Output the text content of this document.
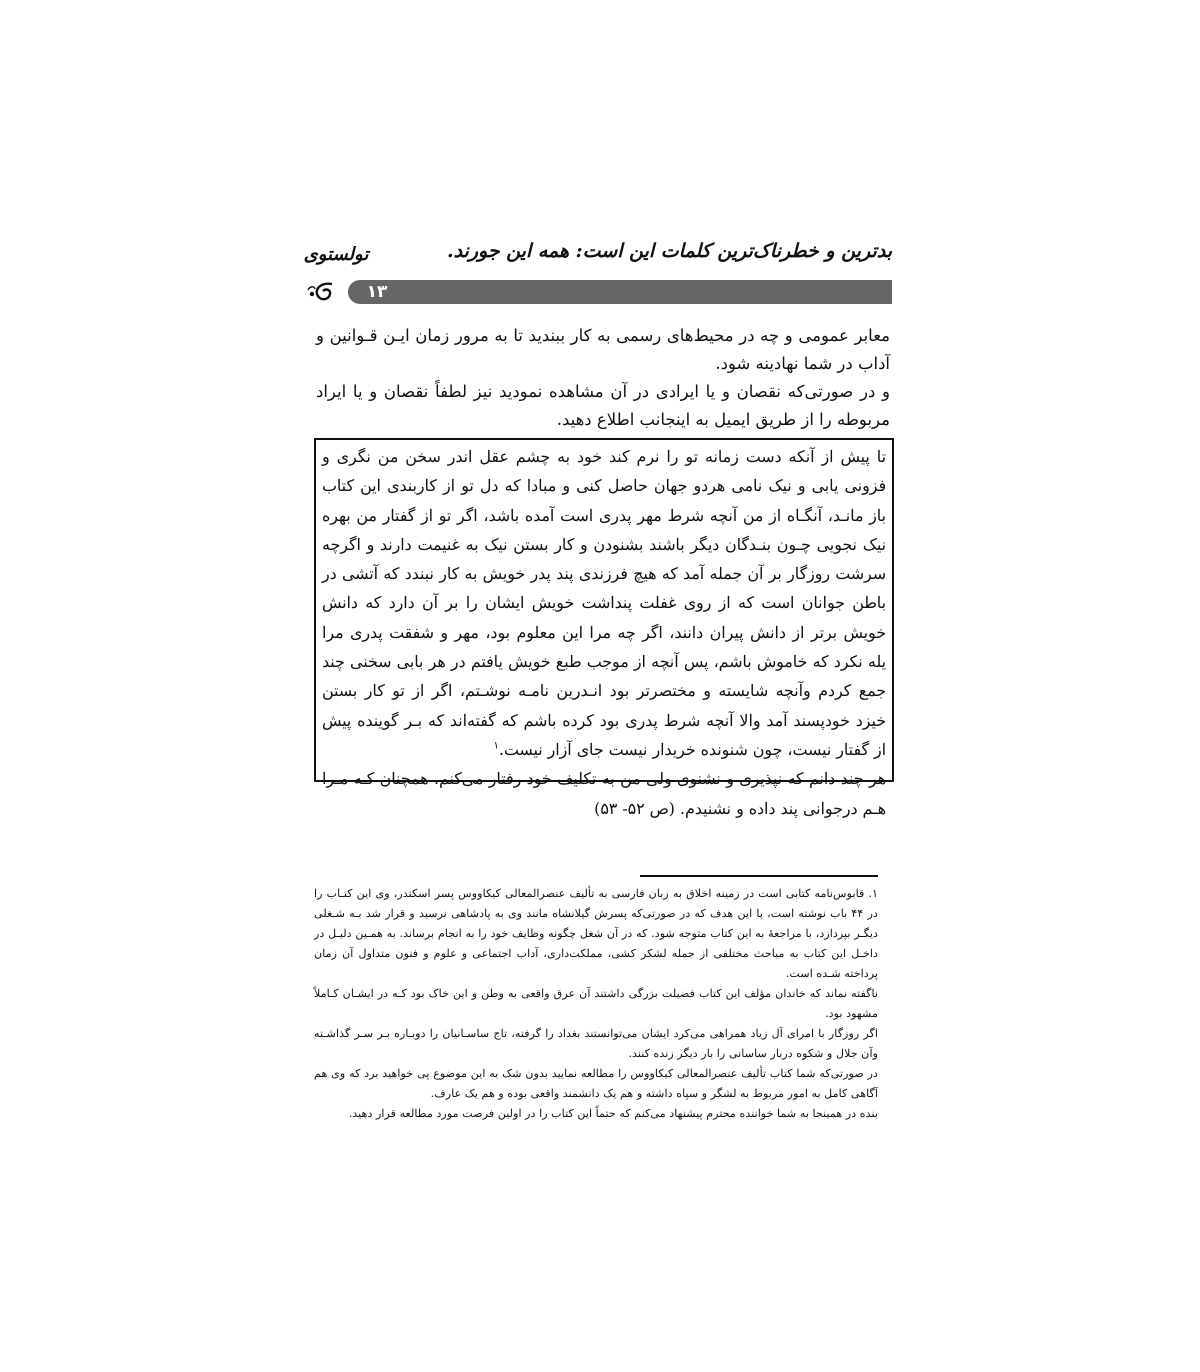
بدترین و خطرناک‌ترین کلمات این است: همه این جورند.
تولستوی
۱۳

معابر عمومی و چه در محیط‌های رسمی به کار ببندید تا به مرور زمان ایـن قـوانین و آداب در شما نهادینه شود.

و در صورتی‌که نقصان و یا ایرادی در آن مشاهده نمودید نیز لطفاً نقصان و یا ایراد مربوطه را از طریق ایمیل به اینجانب اطلاع دهید.

تا پیش از آنکه دست زمانه تو را نرم کند خود به چشم عقل اندر سخن من نگری و فزونی یابی و نیک نامی هردو جهان حاصل کنی و مبادا که دل تو از کاربندی این کتاب باز مانـد، آنگـاه از من آنچه شرط مهر پدری است آمده باشد، اگر تو از گفتار من بهره نیک نجویی چـون بنـدگان دیگر باشند بشنودن و کار بستن نیک به غنیمت دارند و اگرچه سرشت روزگار بر آن جمله آمد که هیچ فرزندی پند پدر خویش به کار نبندد که آتشی در باطن جوانان است که از روی غفلت پنداشت خویش ایشان را بر آن دارد که دانش خویش برتر از دانش پیران دانند، اگر چه مرا این معلوم بود، مهر و شفقت پدری مرا یله نکرد که خاموش باشم، پس آنچه از موجب طبع خویش یافتم در هر بابی سخنی چند جمع کردم وآنچه شایسته و مختصرتر بود انـدرین نامـه نوشـتم، اگر از تو کار بستن خیزد خودپسند آمد والا آنچه شرط پدری بود کرده باشم که گفته‌اند که بـر گوینده پیش از گفتار نیست، چون شنونده خریدار نیست جای آزار نیست.$^۱$

هر چند دانم که نپذیری و نشنوی ولی من به تکلیف خود رفتار می‌کنم، همچنان کـه مـرا هـم درجوانی پند داده و نشنیدم. (ص ۵۲- ۵۳)

۱. قابوس‌نامه کتابی است در زمینه اخلاق به زبان فارسی به تألیف عنصرالمعالی کیکاووس پسر اسکندر، وی این کتـاب را در ۴۴ باب نوشته است، با این هدف که در صورتی‌که پسرش گیلانشاه مانند وی به پادشاهی نرسید و قرار شد بـه شـغلی دیگـر بپردازد، با مراجعهٔ به این کتاب متوجه شود. که در آن شغل چگونه وظایف خود را به انجام برساند. به همـین دلیـل در داخـل این کتاب به مباحث مختلفی از جمله لشکر کشی، مملکت‌داری، آداب اجتماعی و علوم و فنون متداول آن زمان پرداخته شـده است.

ناگفته نماند که خاندان مؤلف این کتاب فضیلت بزرگی داشتند آن عرق واقعی به وطن و این خاک بود کـه در ایشـان کـاملاً مشهود بود.

اگر روزگار با امرای آل زیاد همراهی می‌کرد ایشان می‌توانستند بغداد را گرفته، تاج ساسـانیان را دوبـاره بـر سـر گذاشـته وآن جلال و شکوه دربار ساسانی را بار دیگر زنده کنند.

در صورتی‌که شما کتاب تألیف عنصرالمعالی کیکاووس را مطالعه نمایید بدون شک به این موضوع پی خواهید برد که وی هم آگاهی کامل به امور مربوط به لشگر و سپاه داشته و هم یک دانشمند واقعی بوده و هم یک عارف.

بنده در همینجا به شما خواننده محترم پیشنهاد می‌کنم که حتماً این کتاب را در اولین فرصت مورد مطالعه قرار دهید.
